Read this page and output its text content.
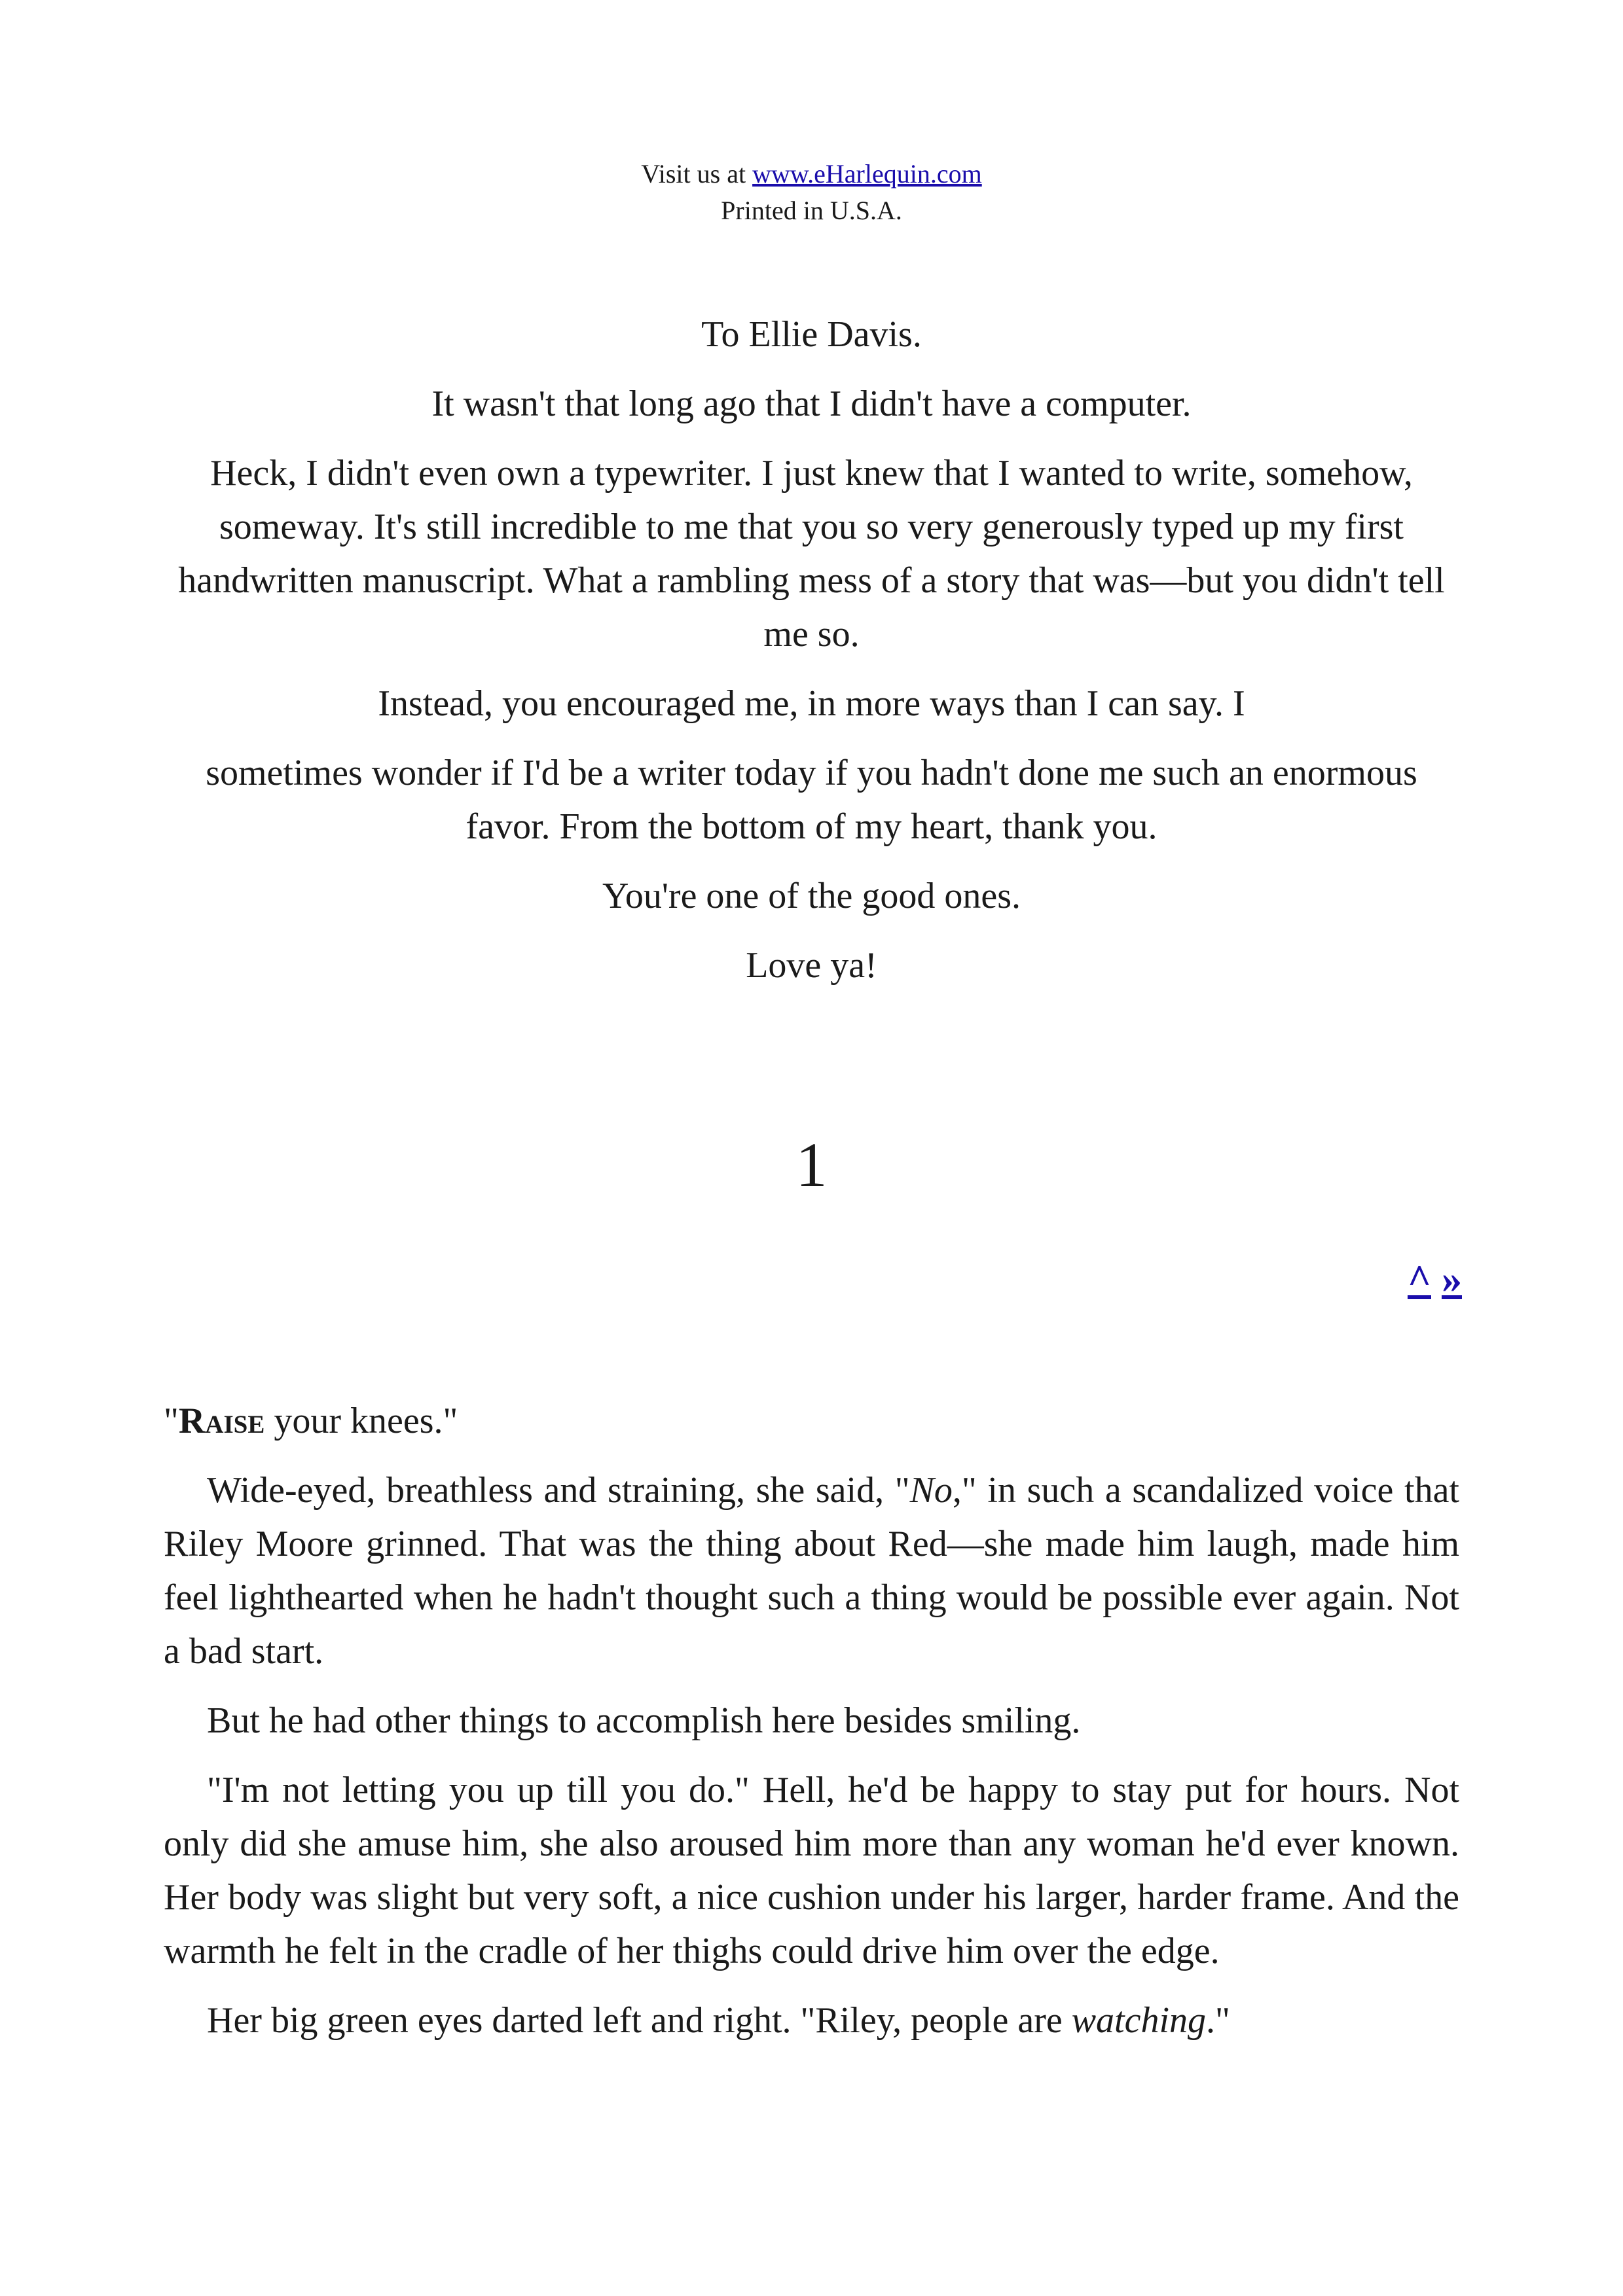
Visit us at www.eHarlequin.com
Printed in U.S.A.

To Ellie Davis.

It wasn't that long ago that I didn't have a computer.

Heck, I didn't even own a typewriter. I just knew that I wanted to write, somehow, someway. It's still incredible to me that you so very generously typed up my first handwritten manuscript. What a rambling mess of a story that was—but you didn't tell me so.

Instead, you encouraged me, in more ways than I can say. I

sometimes wonder if I'd be a writer today if you hadn't done me such an enormous favor. From the bottom of my heart, thank you.

You're one of the good ones.

Love ya!

1
^ »

"Raise your knees."

Wide-eyed, breathless and straining, she said, "No," in such a scandalized voice that Riley Moore grinned. That was the thing about Red—she made him laugh, made him feel lighthearted when he hadn't thought such a thing would be possible ever again. Not a bad start.

But he had other things to accomplish here besides smiling.

"I'm not letting you up till you do." Hell, he'd be happy to stay put for hours. Not only did she amuse him, she also aroused him more than any woman he'd ever known. Her body was slight but very soft, a nice cushion under his larger, harder frame. And the warmth he felt in the cradle of her thighs could drive him over the edge.

Her big green eyes darted left and right. "Riley, people are watching."
